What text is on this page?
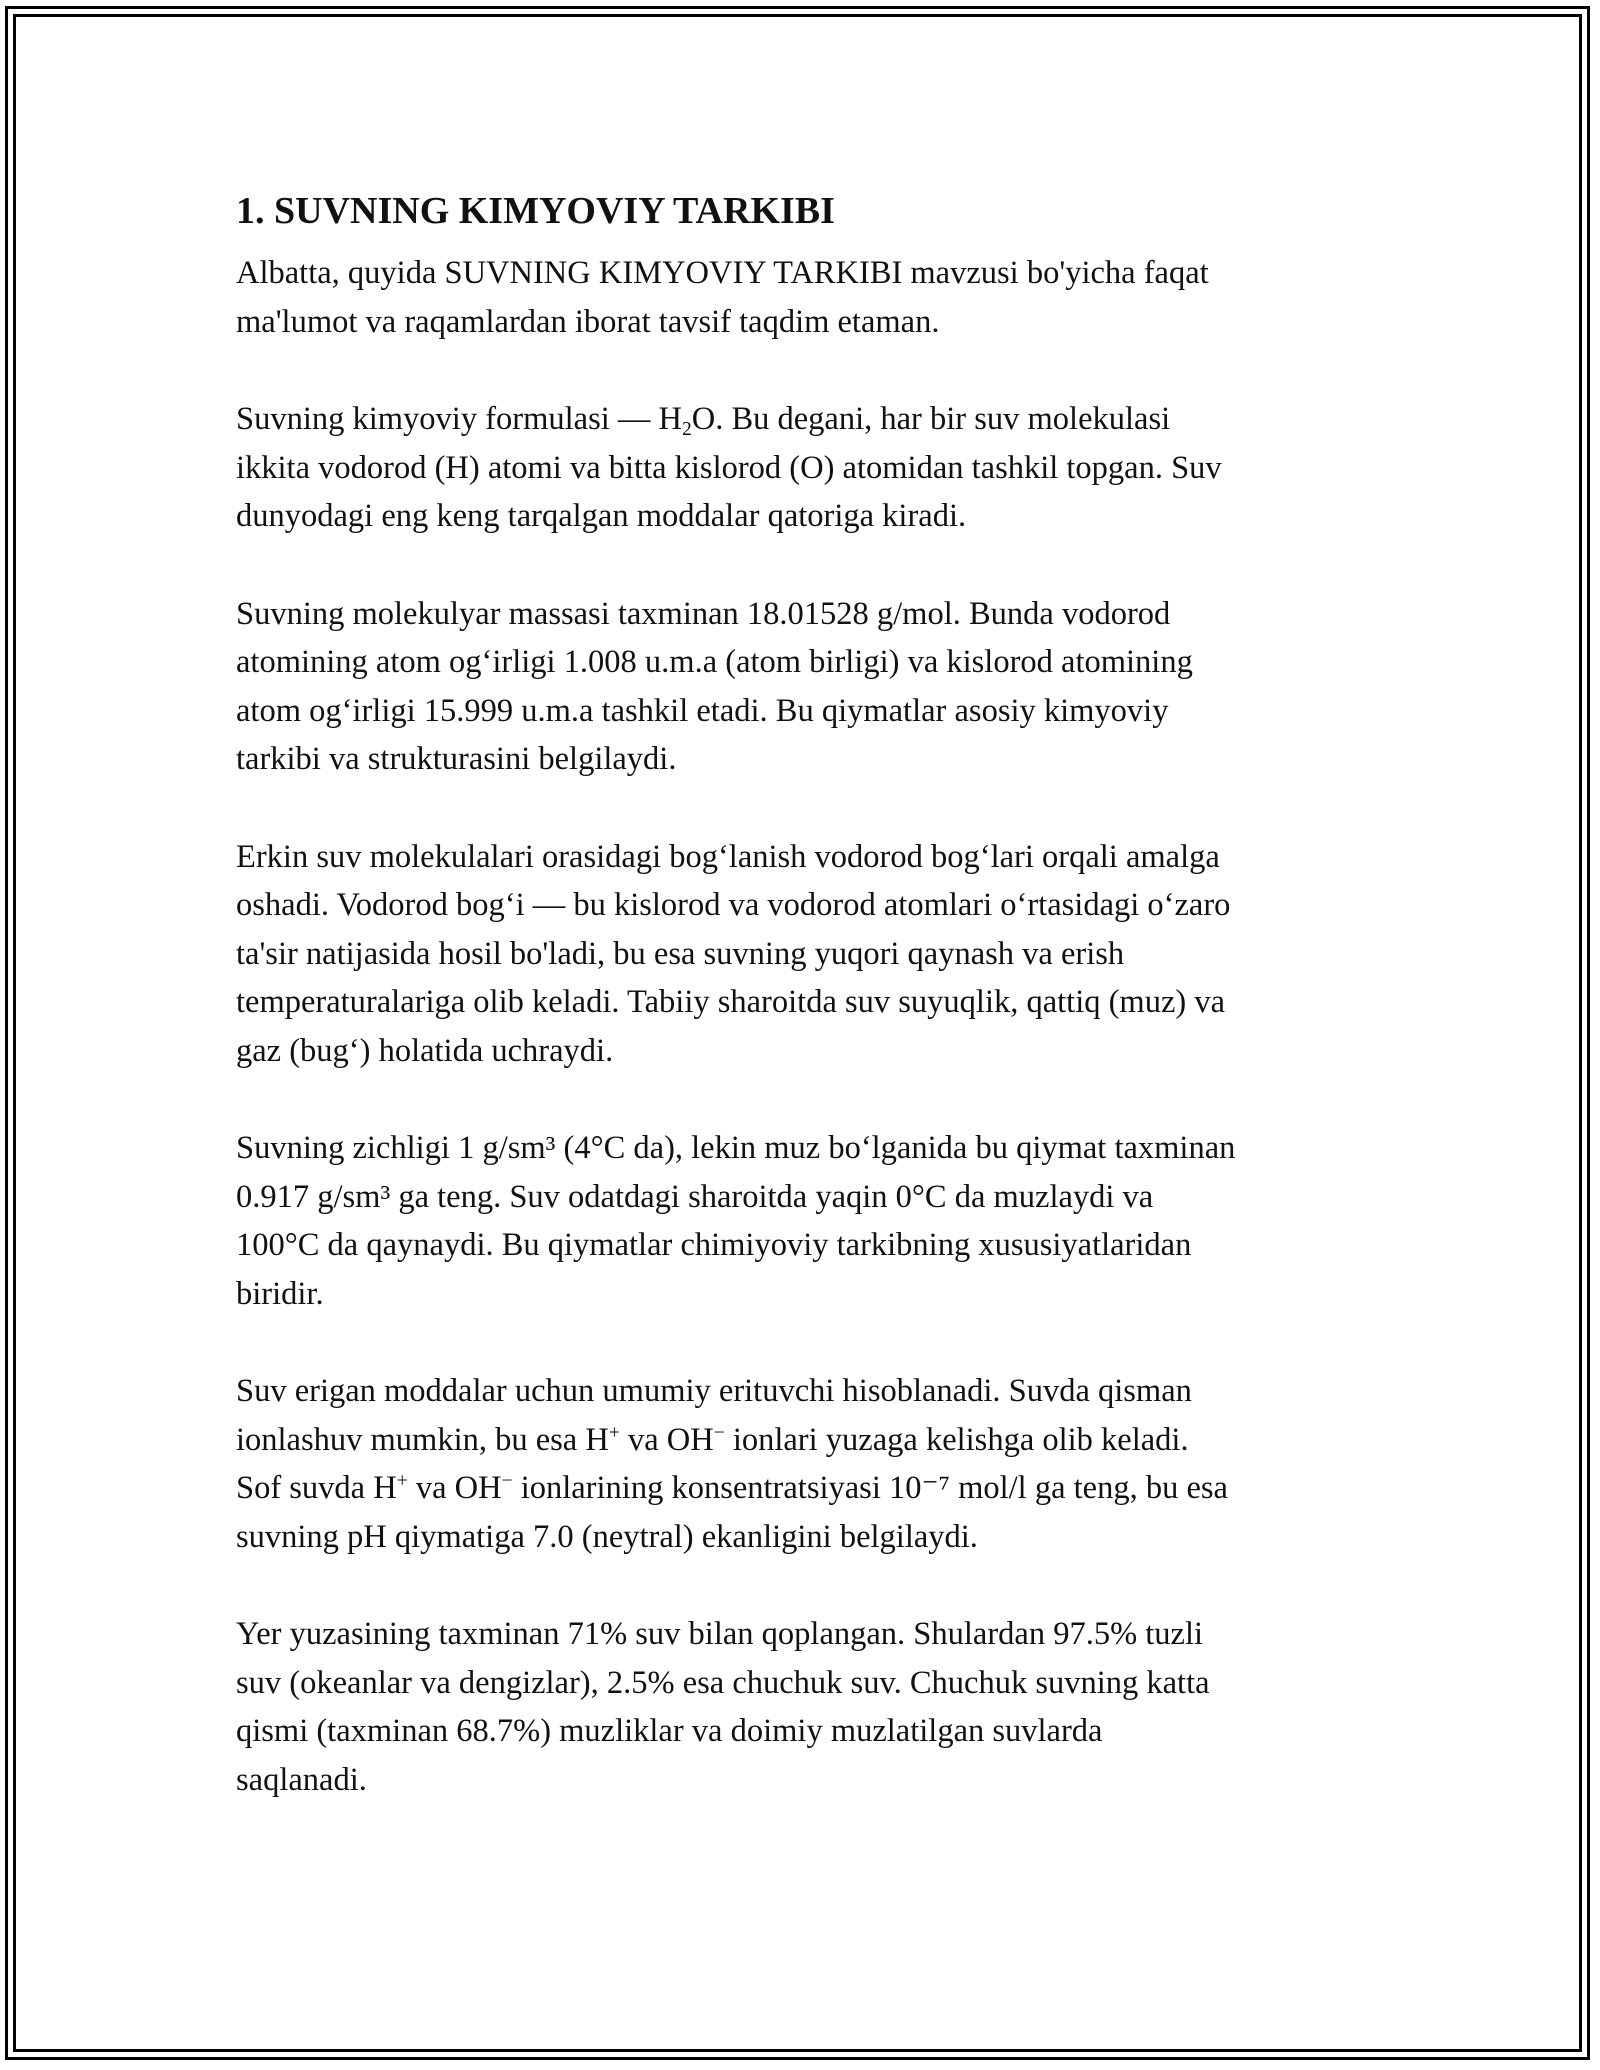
1. SUVNING KIMYOVIY TARKIBI

Albatta, quyida SUVNING KIMYOVIY TARKIBI mavzusi bo'yicha faqat
ma'lumot va raqamlardan iborat tavsif taqdim etaman.

Suvning kimyoviy formulasi — $H_2O$. Bu degani, har bir suv molekulasi
ikkita vodorod (H) atomi va bitta kislorod (O) atomidan tashkil topgan. Suv
dunyodagi eng keng tarqalgan moddalar qatoriga kiradi.

Suvning molekulyar massasi taxminan 18.01528 g/mol. Bunda vodorod
atomining atom og‘irligi 1.008 u.m.a (atom birligi) va kislorod atomining
atom og‘irligi 15.999 u.m.a tashkil etadi. Bu qiymatlar asosiy kimyoviy
tarkibi va strukturasini belgilaydi.

Erkin suv molekulalari orasidagi bog‘lanish vodorod bog‘lari orqali amalga
oshadi. Vodorod bog‘i — bu kislorod va vodorod atomlari o‘rtasidagi o‘zaro
ta'sir natijasida hosil bo'ladi, bu esa suvning yuqori qaynash va erish
temperaturalariga olib keladi. Tabiiy sharoitda suv suyuqlik, qattiq (muz) va
gaz (bug‘) holatida uchraydi.

Suvning zichligi 1 g/sm³ (4°C da), lekin muz bo‘lganida bu qiymat taxminan
0.917 g/sm³ ga teng. Suv odatdagi sharoitda yaqin 0°C da muzlaydi va
100°C da qaynaydi. Bu qiymatlar chimiyoviy tarkibning xususiyatlaridan
biridir.

Suv erigan moddalar uchun umumiy erituvchi hisoblanadi. Suvda qisman
ionlashuv mumkin, bu esa H+ va OH− ionlari yuzaga kelishga olib keladi.
Sof suvda H+ va OH− ionlarining konsentratsiyasi 10⁻⁷ mol/l ga teng, bu esa
suvning pH qiymatiga 7.0 (neytral) ekanligini belgilaydi.

Yer yuzasining taxminan 71% suv bilan qoplangan. Shulardan 97.5% tuzli
suv (okeanlar va dengizlar), 2.5% esa chuchuk suv. Chuchuk suvning katta
qismi (taxminan 68.7%) muzliklar va doimiy muzlatilgan suvlarda
saqlanadi.
